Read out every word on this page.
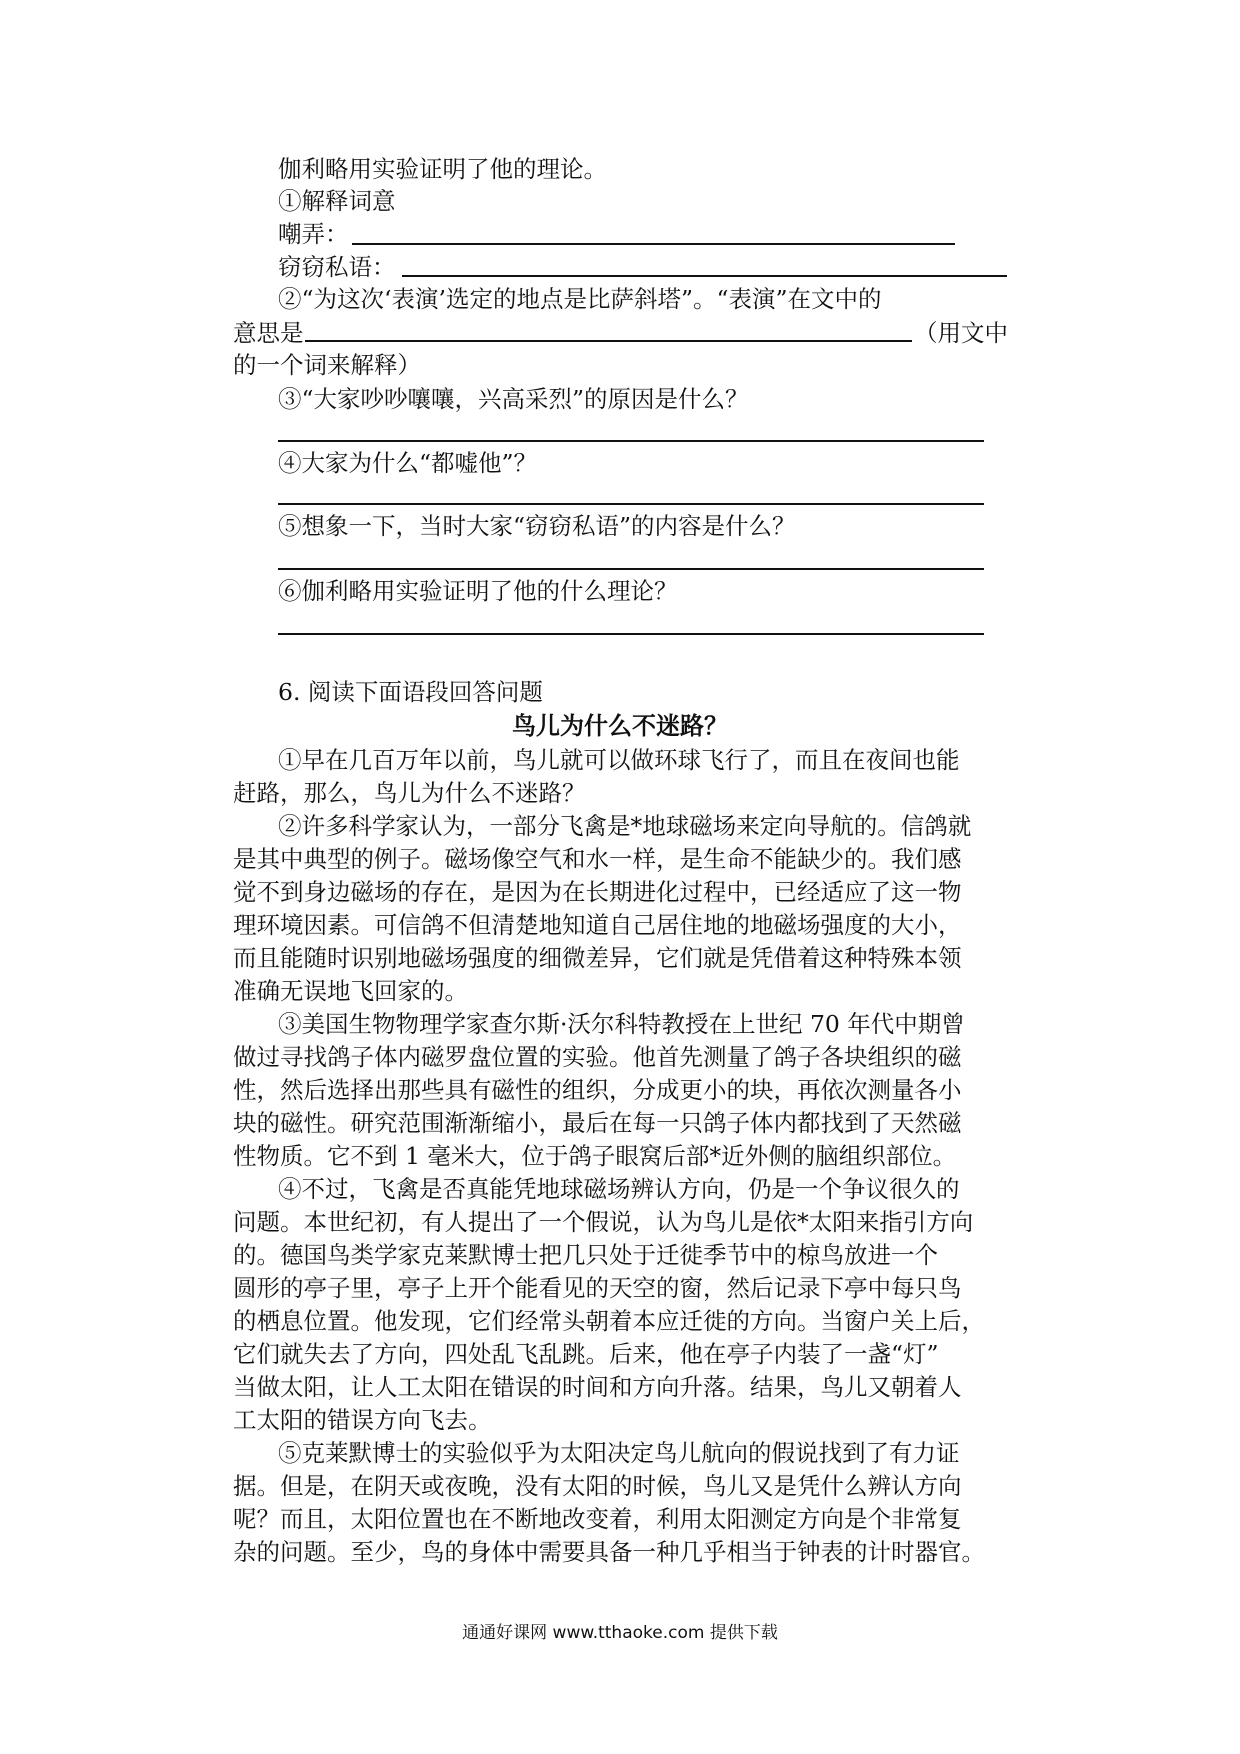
伽利略用实验证明了他的理论。
①解释词意
嘲弄：
窃窃私语：
②“为这次‘表演’选定的地点是比萨斜塔”。“表演”在文中的
意思是	（用文中
的一个词来解释）
③“大家吵吵嚷嚷，兴高采烈”的原因是什么？
④大家为什么“都嘘他”？
⑤想象一下，当时大家“窃窃私语”的内容是什么？
⑥伽利略用实验证明了他的什么理论？
6. 阅读下面语段回答问题
鸟儿为什么不迷路？
①早在几百万年以前，鸟儿就可以做环球飞行了，而且在夜间也能
赶路，那么，鸟儿为什么不迷路？
②许多科学家认为，一部分飞禽是*地球磁场来定向导航的。信鸽就
是其中典型的例子。磁场像空气和水一样，是生命不能缺少的。我们感
觉不到身边磁场的存在，是因为在长期进化过程中，已经适应了这一物
理环境因素。可信鸽不但清楚地知道自己居住地的地磁场强度的大小，
而且能随时识别地磁场强度的细微差异，它们就是凭借着这种特殊本领
准确无误地飞回家的。
③美国生物物理学家查尔斯·沃尔科特教授在上世纪 70 年代中期曾
做过寻找鸽子体内磁罗盘位置的实验。他首先测量了鸽子各块组织的磁
性，然后选择出那些具有磁性的组织，分成更小的块，再依次测量各小
块的磁性。研究范围渐渐缩小，最后在每一只鸽子体内都找到了天然磁
性物质。它不到 1 毫米大，位于鸽子眼窝后部*近外侧的脑组织部位。
④不过，飞禽是否真能凭地球磁场辨认方向，仍是一个争议很久的
问题。本世纪初，有人提出了一个假说，认为鸟儿是依*太阳来指引方向
的。德国鸟类学家克莱默博士把几只处于迁徙季节中的椋鸟放进一个
圆形的亭子里，亭子上开个能看见的天空的窗，然后记录下亭中每只鸟
的栖息位置。他发现，它们经常头朝着本应迁徙的方向。当窗户关上后，
它们就失去了方向，四处乱飞乱跳。后来，他在亭子内装了一盏“灯”
当做太阳，让人工太阳在错误的时间和方向升落。结果，鸟儿又朝着人
工太阳的错误方向飞去。
⑤克莱默博士的实验似乎为太阳决定鸟儿航向的假说找到了有力证
据。但是，在阴天或夜晚，没有太阳的时候，鸟儿又是凭什么辨认方向
呢？而且，太阳位置也在不断地改变着，利用太阳测定方向是个非常复
杂的问题。至少，鸟的身体中需要具备一种几乎相当于钟表的计时器官。
通通好课网 www.tthaoke.com 提供下载
